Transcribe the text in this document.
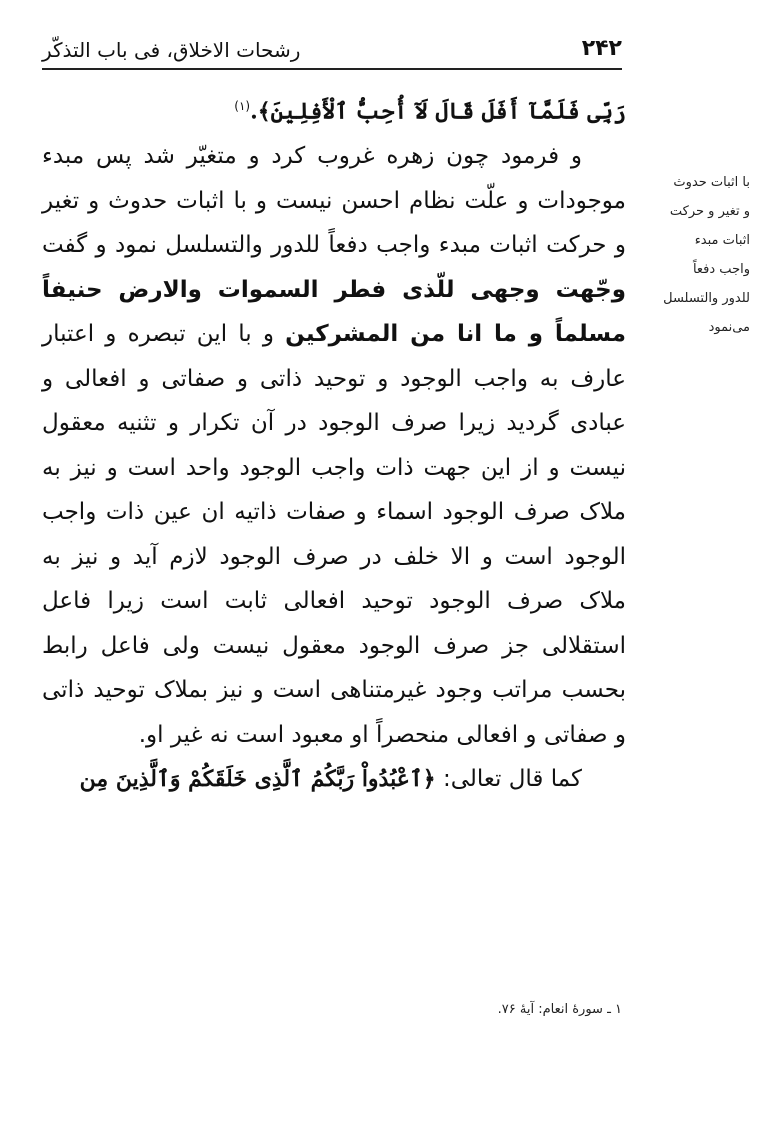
۲۴۲
رشحات الاخلاق، فی باب التذکّر

رَبِّى فَلَمَّآ أَفَلَ قَالَ لَآ أُحِبُّ ٱلْأَفِلِينَ﴾.$^{(۱)}$

و فرمود چون زهره غروب کرد و متغیّر شد پس مبدء موجودات و علّت نظام احسن نیست و با اثبات حدوث و تغیر و حرکت اثبات مبدء واجب دفعاً للدور والتسلسل نمود و گفت وجّهت وجهی للّذی فطر السموات والارض حنیفاً مسلماً و ما انا من المشرکین و با این تبصره و اعتبار عارف به واجب الوجود و توحید ذاتی و صفاتی و افعالی و عبادی گردید زیرا صرف الوجود در آن تکرار و تثنیه معقول نیست و از این جهت ذات واجب الوجود واحد است و نیز به ملاک صرف الوجود اسماء و صفات ذاتیه ان عین ذات واجب الوجود است و الا خلف در صرف الوجود لازم آید و نیز به ملاک صرف الوجود توحید افعالی ثابت است زیرا فاعل استقلالی جز صرف الوجود معقول نیست ولی فاعل رابط بحسب مراتب وجود غیرمتناهی است و نیز بملاک توحید ذاتی و صفاتی و افعالی منحصراً او معبود است نه غیر او.

کما قال تعالی: ﴿ٱعْبُدُواْ رَبَّكُمُ ٱلَّذِى خَلَقَكُمْ وَٱلَّذِينَ مِن

با اثبات حدوث
و تغیر و حرکت
اثبات مبدء
واجب دفعاً
للدور والتسلسل
می‌نمود
۱ ـ سورهٔ انعام: آیهٔ ۷۶.
